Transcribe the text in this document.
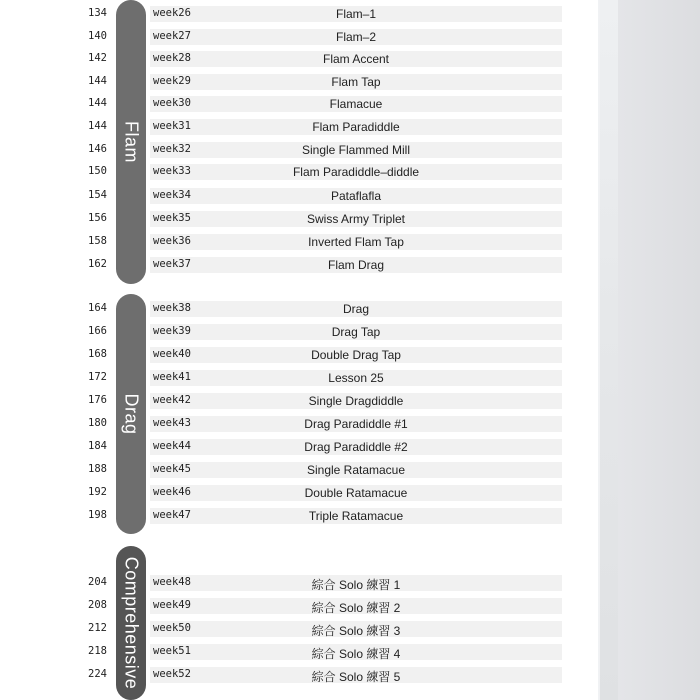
Flam
Drag
Comprehensive
134	week26	Flam–1
140	week27	Flam–2
142	week28	Flam Accent
144	week29	Flam Tap
144	week30	Flamacue
144	week31	Flam Paradiddle
146	week32	Single Flammed Mill
150	week33	Flam Paradiddle–diddle
154	week34	Pataflafla
156	week35	Swiss Army Triplet
158	week36	Inverted Flam Tap
162	week37	Flam Drag
164	week38	Drag
166	week39	Drag Tap
168	week40	Double Drag Tap
172	week41	Lesson 25
176	week42	Single Dragdiddle
180	week43	Drag Paradiddle #1
184	week44	Drag Paradiddle #2
188	week45	Single Ratamacue
192	week46	Double Ratamacue
198	week47	Triple Ratamacue
204	week48	綜合 Solo 練習 1
208	week49	綜合 Solo 練習 2
212	week50	綜合 Solo 練習 3
218	week51	綜合 Solo 練習 4
224	week52	綜合 Solo 練習 5
